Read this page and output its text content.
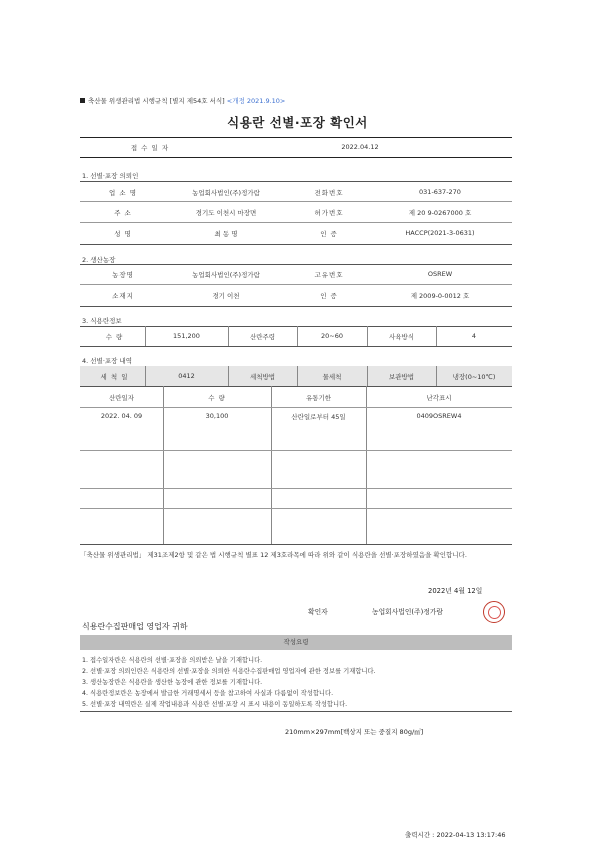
축산물 위생관리법 시행규칙 [별지 제54호 서식] <개정 2021.9.10>
식용란 선별·포장 확인서
접 수 일 자	2022.04.12
1. 선별·포장 의뢰인
업 소 명	농업회사법인(주)정가람	전화번호	031-637-270
주 소	경기도 이천시 마장면	허가번호	제 20 9-0267000 호
성 명	최 동 명	인 증	HACCP(2021-3-0631)
2. 생산농장
농장명	농업회사법인(주)정가람	고유번호	OSREW
소재지	경기 이천	인 증	제 2009-0-0012 호
3. 식용란정보
수 량	151,200	산란주령	20~60	사육방식	4
4. 선별·포장 내역
세 척 일	0412	세척방법	물세척	보관방법	냉장(0~10℃)
산란일자	수 량	유통기한	난각표시
2022. 04. 09	30,100	산란일로부터 45일	0409OSREW4
「축산물 위생관리법」 제31조제2항 및 같은 법 시행규칙 별표 12 제3호라목에 따라 위와 같이 식용란을 선별·포장하였음을 확인합니다.
2022년 4월 12일
확인자	농업회사법인(주)정가람
식용란수집판매업 영업자 귀하
작성요령
1. 접수일자란은 식용란의 선별·포장을 의뢰받은 날을 기재합니다.
2. 선별·포장 의뢰인란은 식용란의 선별·포장을 의뢰한 식용란수집판매업 영업자에 관한 정보를 기재합니다.
3. 생산농장란은 식용란을 생산한 농장에 관한 정보를 기재합니다.
4. 식용란정보란은 농장에서 발급한 거래명세서 등을 참고하여 사실과 다름없이 작성합니다.
5. 선별·포장 내역란은 실제 작업내용과 식용란 선별·포장 시 표시 내용이 동일하도록 작성합니다.
210mm×297mm[백상지 또는 중질지 80g/㎡]
출력시간 : 2022-04-13 13:17:46
